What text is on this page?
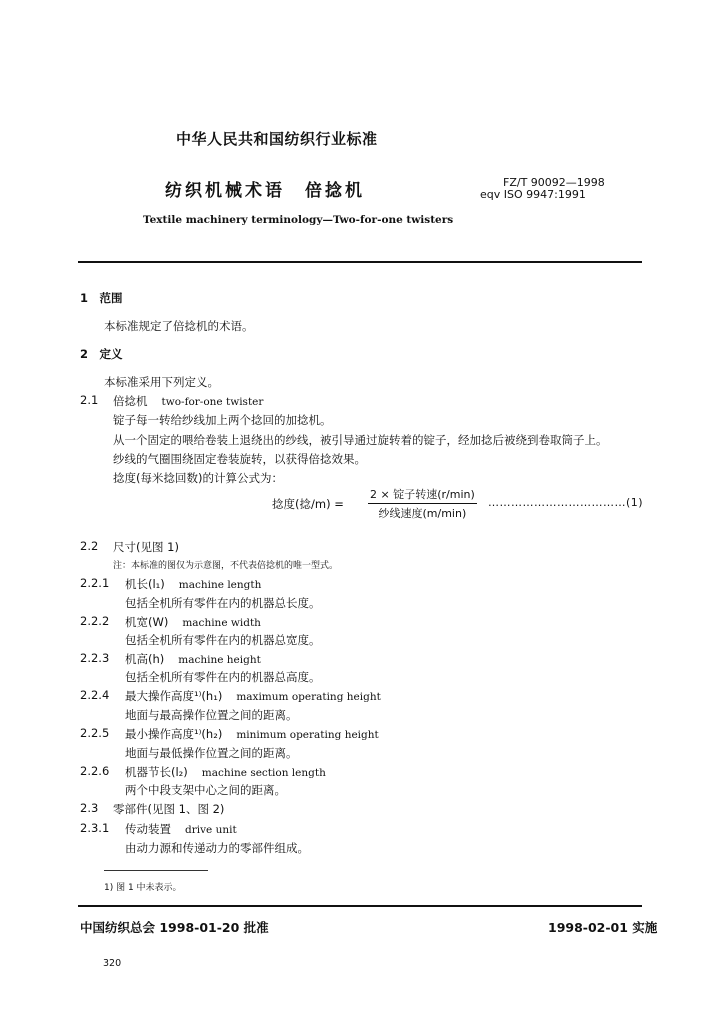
中华人民共和国纺织行业标准
纺织机械术语　倍捻机	FZ/T 90092—1998
eqv ISO 9947:1991
Textile machinery terminology—Two-for-one twisters
1　范围
本标准规定了倍捻机的术语。
2　定义
本标准采用下列定义。
2.1 倍捻机 two-for-one twister
锭子每一转给纱线加上两个捻回的加捻机。
从一个固定的喂给卷装上退绕出的纱线，被引导通过旋转着的锭子，经加捻后被绕到卷取筒子上。
纱线的气圈围绕固定卷装旋转，以获得倍捻效果。
捻度(每米捻回数)的计算公式为：
捻度(捻/m) =
2 × 锭子转速(r/min)
纱线速度(m/min)
………………………………(1)
2.2 尺寸(见图 1)
注：本标准的图仅为示意图，不代表倍捻机的唯一型式。
2.2.1 机长(l₁) machine length
包括全机所有零件在内的机器总长度。
2.2.2 机宽(W) machine width
包括全机所有零件在内的机器总宽度。
2.2.3 机高(h) machine height
包括全机所有零件在内的机器总高度。
2.2.4 最大操作高度¹⁾(h₁) maximum operating height
地面与最高操作位置之间的距离。
2.2.5 最小操作高度¹⁾(h₂) minimum operating height
地面与最低操作位置之间的距离。
2.2.6 机器节长(l₂) machine section length
两个中段支架中心之间的距离。
2.3 零部件(见图 1、图 2)
2.3.1 传动装置 drive unit
由动力源和传递动力的零部件组成。
1) 图 1 中未表示。
中国纺织总会 1998-01-20 批准	1998-02-01 实施
320
